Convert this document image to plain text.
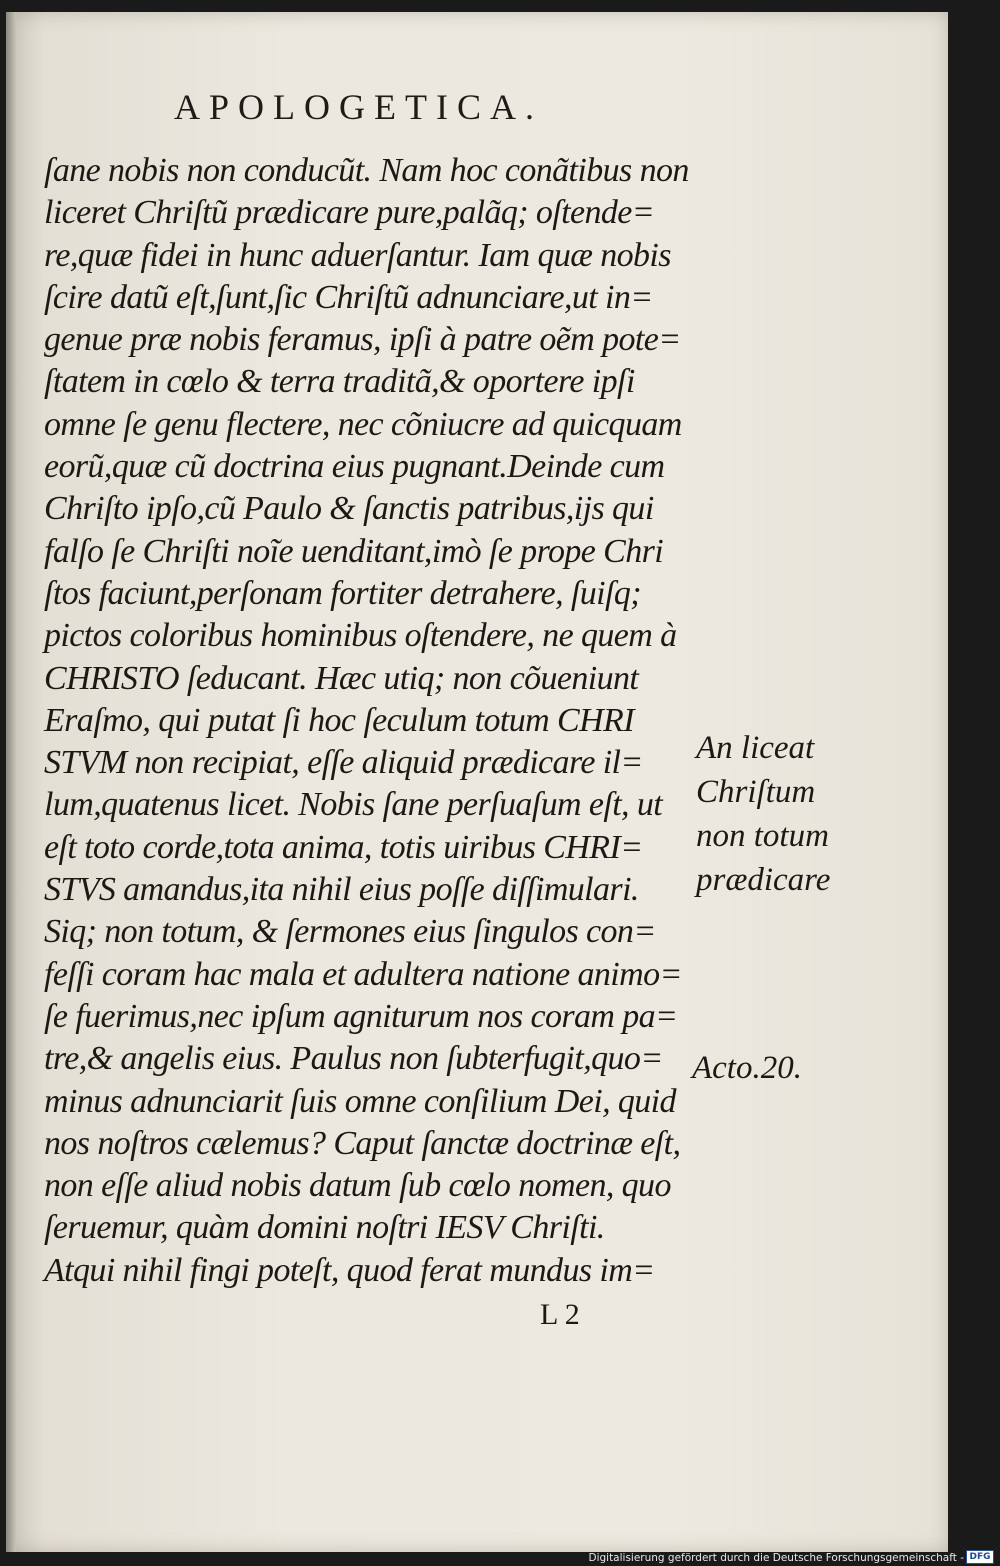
APOLOGETICA.
ſane nobis non conducũt. Nam hoc conãtibus non
liceret Chriſtũ prædicare pure,palãq; oſtende=
re,quæ fidei in hunc aduerſantur. Iam quæ nobis
ſcire datũ eſt,ſunt,ſic Chriſtũ adnunciare,ut in=
genue præ nobis feramus, ipſi à patre oẽm pote=
ſtatem in cœlo & terra traditã,& oportere ipſi
omne ſe genu flectere, nec cõniucre ad quicquam
eorũ,quæ cũ doctrina eius pugnant.Deinde cum
Chriſto ipſo,cũ Paulo & ſanctis patribus,ijs qui
falſo ſe Chriſti noĩe uenditant,imò ſe prope Chri
ſtos faciunt,perſonam fortiter detrahere, ſuiſq;
pictos coloribus hominibus oſtendere, ne quem à
CHRISTO ſeducant. Hæc utiq; non cõueniunt
Eraſmo, qui putat ſi hoc ſeculum totum CHRI
STVM non recipiat, eſſe aliquid prædicare il=
lum,quatenus licet. Nobis ſane perſuaſum eſt, ut
eſt toto corde,tota anima, totis uiribus CHRI=
STVS amandus,ita nihil eius poſſe diſſimulari.
Siq; non totum, & ſermones eius ſingulos con=
feſſi coram hac mala et adultera natione animo=
ſe fuerimus,nec ipſum agniturum nos coram pa=
tre,& angelis eius. Paulus non ſubterfugit,quo=
minus adnunciarit ſuis omne conſilium Dei, quid
nos noſtros cælemus? Caput ſanctæ doctrinæ eſt,
non eſſe aliud nobis datum ſub cœlo nomen, quo
ſeruemur, quàm domini noſtri IESV Chriſti.
Atqui nihil fingi poteſt, quod ferat mundus im=
An liceat
Chriſtum
non totum
prædicare
Acto.20.
L 2
Digitalisierung gefördert durch die Deutsche Forschungsgemeinschaft - DFG
